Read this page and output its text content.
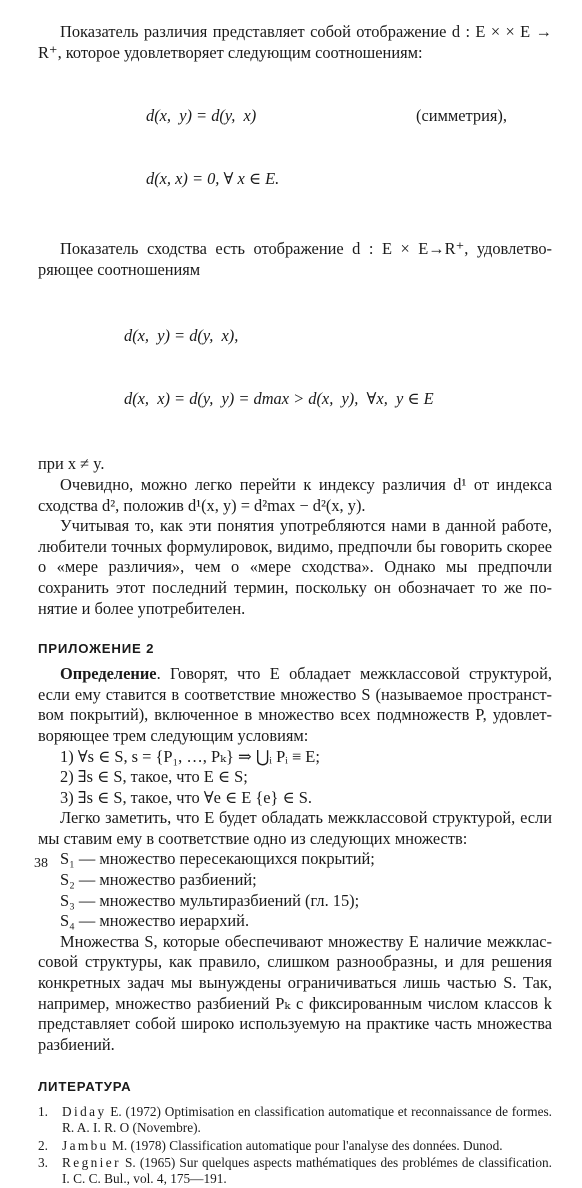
Показатель различия представляет собой отображение d : E × × E → R⁺, которое удовлетворяет следующим соотношениям:

d(x,  y) = d(y,  x)	(симметрия),

d(x, x) = 0, ∀ x ∈ E.

Показатель сходства есть отображение d : E × E→R⁺, удовлетворяющее соотношениям

d(x,  y) = d(y,  x),

d(x,  x) = d(y,  y) = dmax > d(x,  y),  ∀x,  y ∈ E

при x ≠ y.

Очевидно, можно легко перейти к индексу различия d¹ от индекса сходства d², положив d¹(x, y) = d²max − d²(x, y).

Учитывая то, как эти понятия употребляются нами в данной работе, любители точных формулировок, видимо, предпочли бы говорить скорее о «мере различия», чем о «мере сходства». Однако мы предпочли сохранить этот последний термин, поскольку он обозначает то же понятие и более употребителен.

ПРИЛОЖЕНИЕ 2

Определение. Говорят, что E обладает межклассовой структурой, если ему ставится в соответствие множество S (называемое пространством покрытий), включенное в множество всех подмножеств P, удовлетворяющее трем следующим условиям:

1) ∀s ∈ S, s = {P₁, …, Pₖ} ⇒ ⋃ᵢ Pᵢ ≡ E;
2) ∃s ∈ S, такое, что E ∈ S;
3) ∃s ∈ S, такое, что ∀e ∈ E {e} ∈ S.

Легко заметить, что E будет обладать межклассовой структурой, если мы ставим ему в соответствие одно из следующих множеств:

S₁ — множество пересекающихся покрытий;
S₂ — множество разбиений;
S₃ — множество мультиразбиений (гл. 15);
S₄ — множество иерархий.

Множества S, которые обеспечивают множеству E наличие межклассовой структуры, как правило, слишком разнообразны, и для решения конкретных задач мы вынуждены ограничиваться лишь частью S. Так, например, множество разбиений Pₖ с фиксированным числом классов k представляет собой широко используемую на практике часть множества разбиений.

ЛИТЕРАТУРА
1. Diday E. (1972) Optimisation en classification automatique et reconnaissance de formes. R. A. I. R. O (Novembre).
2. Jambu M. (1978) Classification automatique pour l'analyse des données. Dunod.
3. Regnier S. (1965) Sur quelques aspects mathématiques des problémes de classification. I. C. C. Bul., vol. 4, 175—191.
38
